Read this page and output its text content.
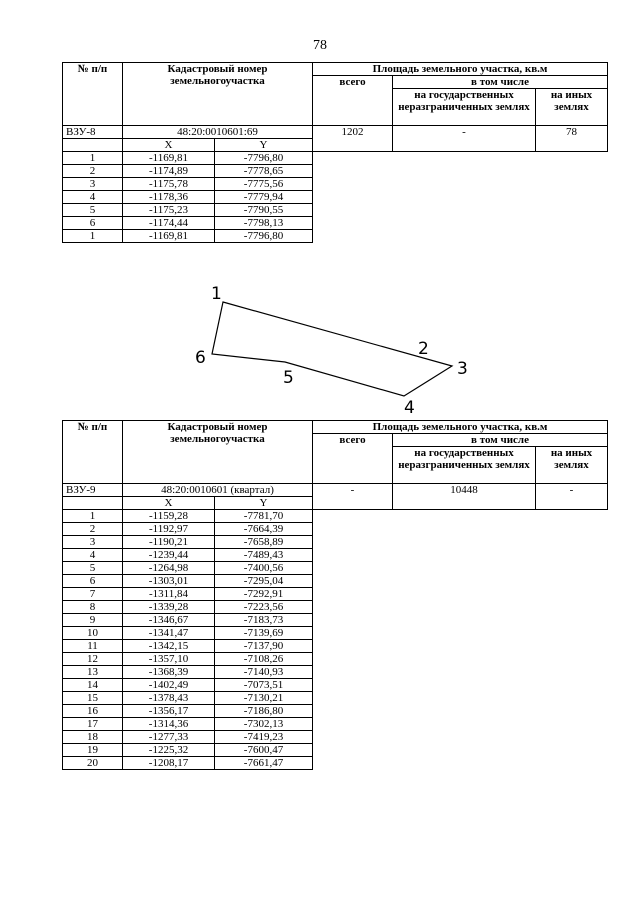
78
№ п/п	Кадастровый номер земельногоучастка		Площадь земельного участка, кв.м		
			всего	в том числе	
				на государственных неразграниченных землях	на иных землях
ВЗУ-8	48:20:0010601:69		1202	-	78
	X	Y			
1	-1169,81	-7796,80			
2	-1174,89	-7778,65			
3	-1175,78	-7775,56			
4	-1178,36	-7779,94			
5	-1175,23	-7790,55			
6	-1174,44	-7798,13			
1	-1169,81	-7796,80			
1
2
3
4
5
6
№ п/п	Кадастровый номер земельногоучастка		Площадь земельного участка, кв.м		
			всего	в том числе	
				на государственных неразграниченных землях	на иных землях
ВЗУ-9	48:20:0010601 (квартал)		-	10448	-
	X	Y			
1	-1159,28	-7781,70			
2	-1192,97	-7664,39			
3	-1190,21	-7658,89			
4	-1239,44	-7489,43			
5	-1264,98	-7400,56			
6	-1303,01	-7295,04			
7	-1311,84	-7292,91			
8	-1339,28	-7223,56			
9	-1346,67	-7183,73			
10	-1341,47	-7139,69			
11	-1342,15	-7137,90			
12	-1357,10	-7108,26			
13	-1368,39	-7140,93			
14	-1402,49	-7073,51			
15	-1378,43	-7130,21			
16	-1356,17	-7186,80			
17	-1314,36	-7302,13			
18	-1277,33	-7419,23			
19	-1225,32	-7600,47			
20	-1208,17	-7661,47			
